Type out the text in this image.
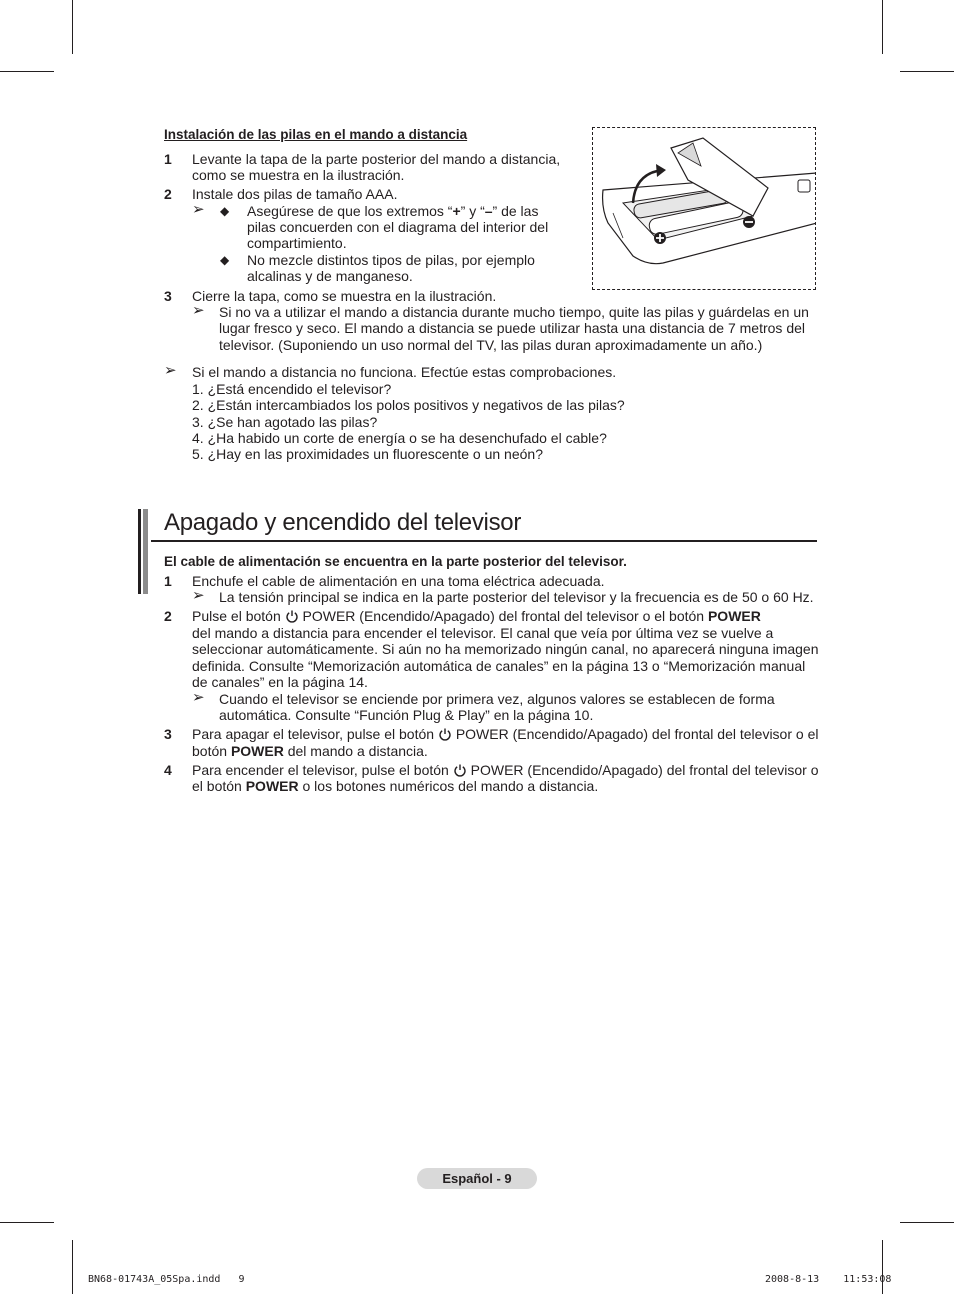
Instalación de las pilas en el mando a distancia
1 Levante la tapa de la parte posterior del mando a distancia,
como se muestra en la ilustración.
2 Instale dos pilas de tamaño AAA.
➢ ◆ Asegúrese de que los extremos “+” y “–” de las
pilas concuerden con el diagrama del interior del
compartimiento.
◆ No mezcle distintos tipos de pilas, por ejemplo
alcalinas y de manganeso.
3 Cierre la tapa, como se muestra en la ilustración.
➢ Si no va a utilizar el mando a distancia durante mucho tiempo, quite las pilas y guárdelas en un
lugar fresco y seco. El mando a distancia se puede utilizar hasta una distancia de 7 metros del
televisor. (Suponiendo un uso normal del TV, las pilas duran aproximadamente un año.)
➢ Si el mando a distancia no funciona. Efectúe estas comprobaciones.
1. ¿Está encendido el televisor?
2. ¿Están intercambiados los polos positivos y negativos de las pilas?
3. ¿Se han agotado las pilas?
4. ¿Ha habido un corte de energía o se ha desenchufado el cable?
5. ¿Hay en las proximidades un fluorescente o un neón?
Apagado y encendido del televisor
El cable de alimentación se encuentra en la parte posterior del televisor.
1 Enchufe el cable de alimentación en una toma eléctrica adecuada.
➢ La tensión principal se indica en la parte posterior del televisor y la frecuencia es de 50 o 60 Hz.
2 Pulse el botón  POWER (Encendido/Apagado) del frontal del televisor o el botón POWER
del mando a distancia para encender el televisor. El canal que veía por última vez se vuelve a
seleccionar automáticamente. Si aún no ha memorizado ningún canal, no aparecerá ninguna imagen
definida. Consulte “Memorización automática de canales” en la página 13 o “Memorización manual
de canales” en la página 14.
➢ Cuando el televisor se enciende por primera vez, algunos valores se establecen de forma
automática. Consulte “Función Plug & Play” en la página 10.
3 Para apagar el televisor, pulse el botón  POWER (Encendido/Apagado) del frontal del televisor o el
botón POWER del mando a distancia.
4 Para encender el televisor, pulse el botón  POWER (Encendido/Apagado) del frontal del televisor o
el botón POWER o los botones numéricos del mando a distancia.
Español - 9
BN68-01743A_05Spa.indd   9	2008-8-13    11:53:08
